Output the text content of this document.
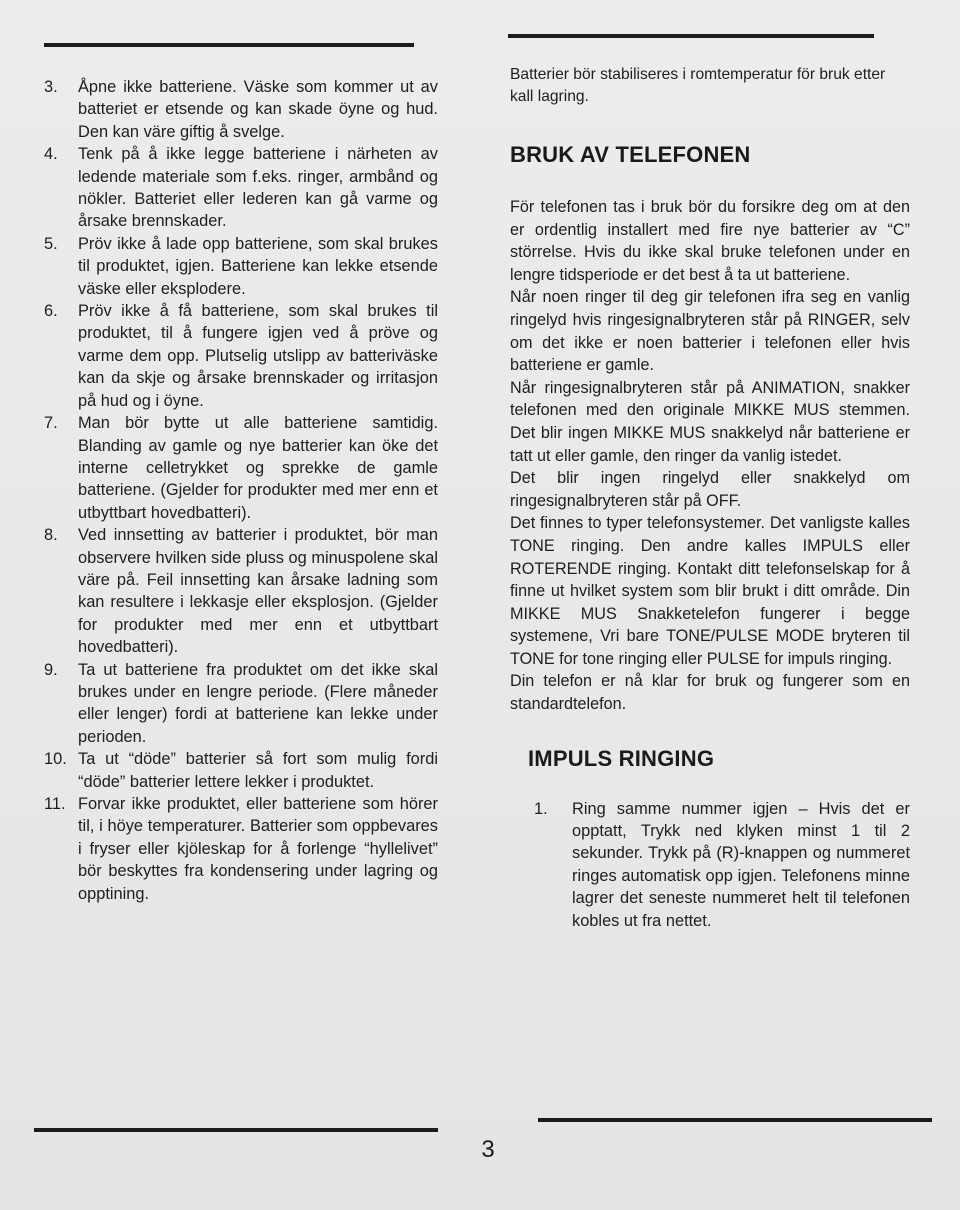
3.	Åpne ikke batteriene. Väske som kommer ut av batteriet er etsende og kan skade öyne og hud. Den kan väre giftig å svelge.
4.	Tenk på å ikke legge batteriene i närheten av ledende materiale som f.eks. ringer, armbånd og nökler. Batteriet eller lederen kan gå varme og årsake brennskader.
5.	Pröv ikke å lade opp batteriene, som skal brukes til produktet, igjen. Batteriene kan lekke etsende väske eller eksplodere.
6.	Pröv ikke å få batteriene, som skal brukes til produktet, til å fungere igjen ved å pröve og varme dem opp. Plutselig utslipp av batteriväske kan da skje og årsake brennskader og irritasjon på hud og i öyne.
7.	Man bör bytte ut alle batteriene samtidig. Blanding av gamle og nye batterier kan öke det interne celletrykket og sprekke de gamle batteriene. (Gjelder for produkter med mer enn et utbyttbart hovedbatteri).
8.	Ved innsetting av batterier i produktet, bör man observere hvilken side pluss og minuspolene skal väre på. Feil innsetting kan årsake ladning som kan resultere i lekkasje eller eksplosjon. (Gjelder for produkter med mer enn et utbyttbart hovedbatteri).
9.	Ta ut batteriene fra produktet om det ikke skal brukes under en lengre periode. (Flere måneder eller lenger) fordi at batteriene kan lekke under perioden.
10. Ta ut “döde” batterier så fort som mulig fordi “döde” batterier lettere lekker i produktet.
11. Forvar ikke produktet, eller batteriene som hörer til, i höye temperaturer. Batterier som oppbevares i fryser eller kjöleskap for å forlenge “hyllelivet” bör beskyttes fra kondensering under lagring og opptining.

Batterier bör stabiliseres i romtemperatur för bruk etter kall lagring.

BRUK AV TELEFONEN

För telefonen tas i bruk bör du forsikre deg om at den er ordentlig installert med fire nye batterier av “C” störrelse. Hvis du ikke skal bruke telefonen under en lengre tidsperiode er det best å ta ut batteriene.

Når noen ringer til deg gir telefonen ifra seg en vanlig ringelyd hvis ringesignalbryteren står på RINGER, selv om det ikke er noen batterier i telefonen eller hvis batteriene er gamle.

Når ringesignalbryteren står på ANIMATION, snakker telefonen med den originale MIKKE MUS stemmen. Det blir ingen MIKKE MUS snakkelyd når batteriene er tatt ut eller gamle, den ringer da vanlig istedet.

Det blir ingen ringelyd eller snakkelyd om ringesignalbryteren står på OFF.

Det finnes to typer telefonsystemer. Det vanligste kalles TONE ringing. Den andre kalles IMPULS eller ROTERENDE ringing. Kontakt ditt telefonselskap for å finne ut hvilket system som blir brukt i ditt område. Din MIKKE MUS Snakketelefon fungerer i begge systemene, Vri bare TONE/PULSE MODE bryteren til TONE for tone ringing eller PULSE for impuls ringing.

Din telefon er nå klar for bruk og fungerer som en standardtelefon.

IMPULS RINGING
1.	Ring samme nummer igjen – Hvis det er opptatt, Trykk ned klyken minst 1 til 2 sekunder. Trykk på (R)-knappen og nummeret ringes automatisk opp igjen. Telefonens minne lagrer det seneste nummeret helt til telefonen kobles ut fra nettet.
3
